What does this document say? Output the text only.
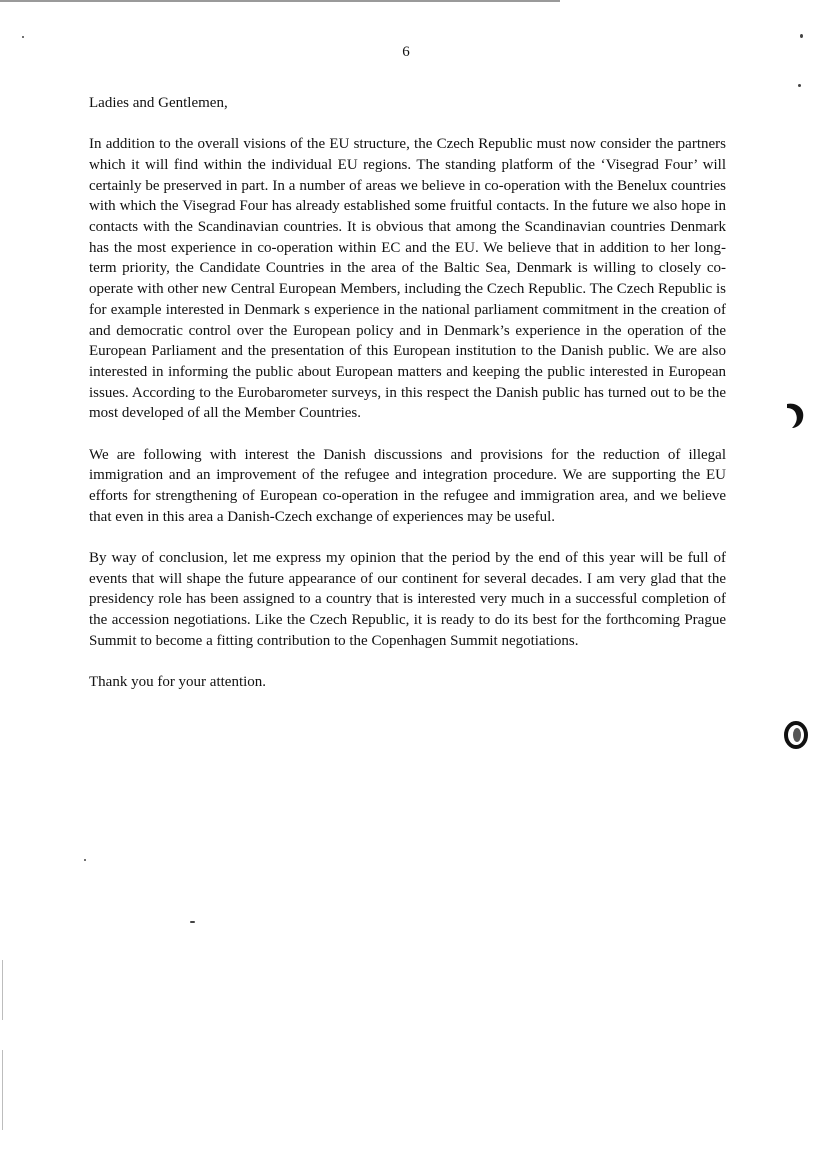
6

Ladies and Gentlemen,

In addition to the overall visions of the EU structure, the Czech Republic must now consider the partners which it will find within the individual EU regions. The standing platform of the ‘Visegrad Four’ will certainly be preserved in part. In a number of areas we believe in co-operation with the Benelux countries with which the Visegrad Four has already established some fruitful contacts. In the future we also hope in contacts with the Scandinavian countries. It is obvious that among the Scandinavian countries Denmark has the most experience in co-operation within EC and the EU. We believe that in addition to her long-term priority, the Candidate Countries in the area of the Baltic Sea, Denmark is willing to closely co-operate with other new Central European Members, including the Czech Republic. The Czech Republic is for example interested in Denmark s experience in the national parliament commitment in the creation of and democratic control over the European policy and in Denmark’s experience in the operation of the European Parliament and the presentation of this European institution to the Danish public. We are also interested in informing the public about European matters and keeping the public interested in European issues. According to the Eurobarometer surveys, in this respect the Danish public has turned out to be the most developed of all the Member Countries.

We are following with interest the Danish discussions and provisions for the reduction of illegal immigration and an improvement of the refugee and integration procedure. We are supporting the EU efforts for strengthening of European co-operation in the refugee and immigration area, and we believe that even in this area a Danish-Czech exchange of experiences may be useful.

By way of conclusion, let me express my opinion that the period by the end of this year will be full of events that will shape the future appearance of our continent for several decades. I am very glad that the presidency role has been assigned to a country that is interested very much in a successful completion of the accession negotiations. Like the Czech Republic, it is ready to do its best for the forthcoming Prague Summit to become a fitting contribution to the Copenhagen Summit negotiations.

Thank you for your attention.
